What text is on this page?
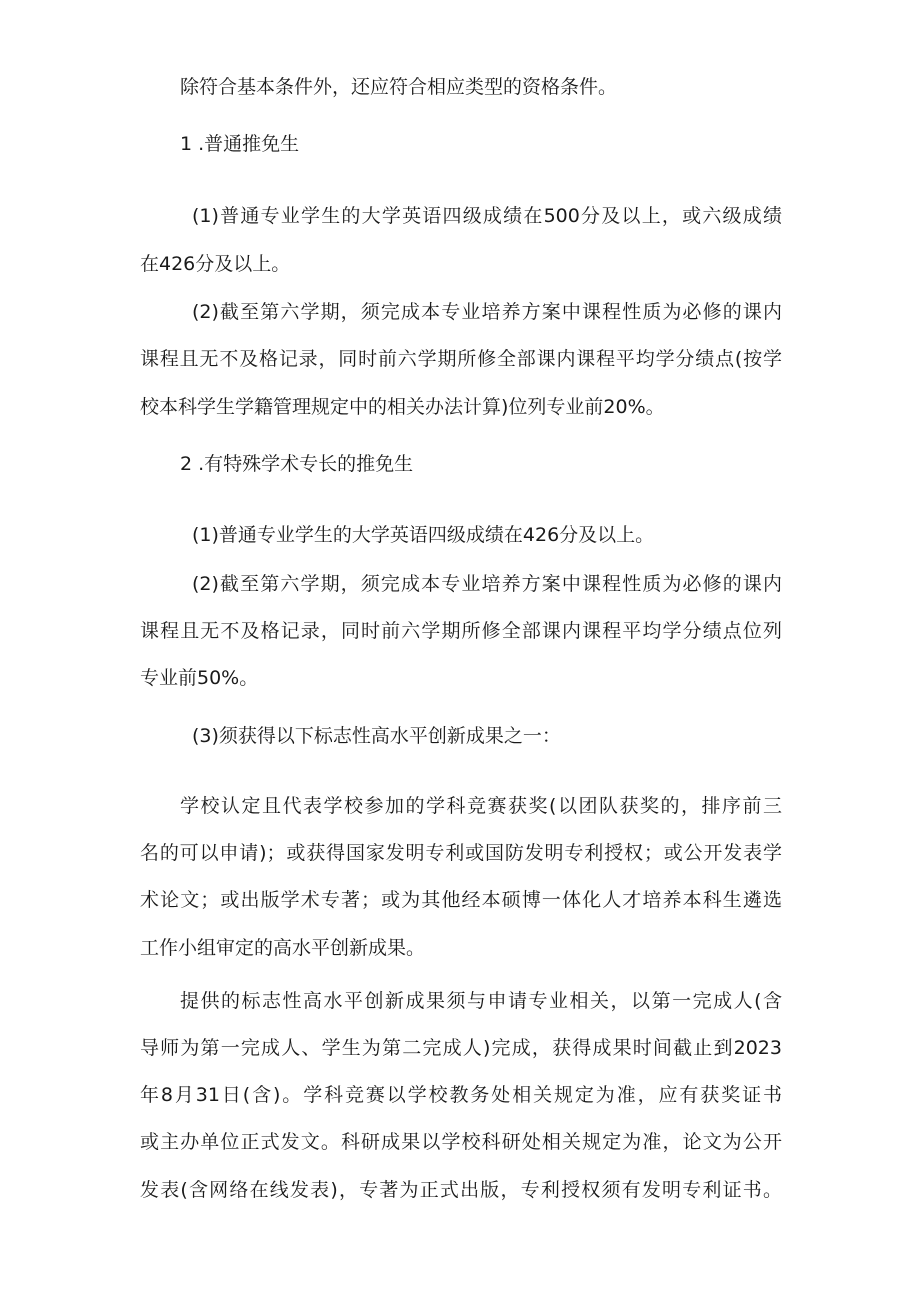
除符合基本条件外，还应符合相应类型的资格条件。
1 .普通推免生
(1)普通专业学生的大学英语四级成绩在500分及以上，或六级成绩
在426分及以上。
(2)截至第六学期，须完成本专业培养方案中课程性质为必修的课内
课程且无不及格记录，同时前六学期所修全部课内课程平均学分绩点(按学
校本科学生学籍管理规定中的相关办法计算)位列专业前20%。
2 .有特殊学术专长的推免生
(1)普通专业学生的大学英语四级成绩在426分及以上。
(2)截至第六学期，须完成本专业培养方案中课程性质为必修的课内
课程且无不及格记录，同时前六学期所修全部课内课程平均学分绩点位列
专业前50%。
(3)须获得以下标志性高水平创新成果之一：
学校认定且代表学校参加的学科竞赛获奖(以团队获奖的，排序前三
名的可以申请)；或获得国家发明专利或国防发明专利授权；或公开发表学
术论文；或出版学术专著；或为其他经本硕博一体化人才培养本科生遴选
工作小组审定的高水平创新成果。
提供的标志性高水平创新成果须与申请专业相关，以第一完成人(含
导师为第一完成人、学生为第二完成人)完成，获得成果时间截止到2023
年8月31日(含)。学科竞赛以学校教务处相关规定为准，应有获奖证书
或主办单位正式发文。科研成果以学校科研处相关规定为准，论文为公开
发表(含网络在线发表)，专著为正式出版，专利授权须有发明专利证书。
